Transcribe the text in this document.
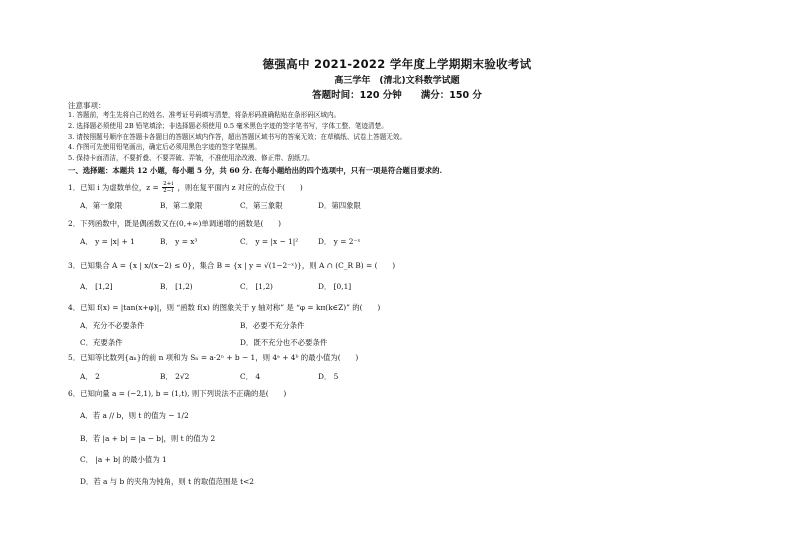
德强高中 2021-2022 学年度上学期期末验收考试
高三学年　(清北)文科数学试题
答题时间：120 分钟　　满分：150 分
注意事项：
1. 答题前，考生先将自己的姓名、准考证号码填写清楚，将条形码准确粘贴在条形码区域内。
2. 选择题必须使用 2B 铅笔填涂；非选择题必须使用 0.5 毫米黑色字迹的签字笔书写，字体工整、笔迹清楚。
3. 请按照题号顺序在答题卡各题目的答题区域内作答，超出答题区域书写的答案无效；在草稿纸、试卷上答题无效。
4. 作图可先使用铅笔画出，确定后必须用黑色字迹的签字笔描黑。
5. 保持卡面清洁，不要折叠、不要弄破、弄皱，不准使用涂改液、修正带、刮纸刀。
一、选择题：本题共 12 小题，每小题 5 分，共 60 分. 在每小题给出的四个选项中，只有一项是符合题目要求的.
1．已知 i 为虚数单位，$z = \frac{2+i}{2-i}$ ，则在复平面内 z 对应的点位于(　　)
A．第一象限	B．第二象限	C．第三象限	D．第四象限
2．下列函数中，既是偶函数又在(0,+∞)单调递增的函数是(　　)
A． y = |x| + 1	B． y = x³	C． y = |x − 1|²	D． y = 2⁻ˣ
3．已知集合 A = {x | x/(x−2) ≤ 0}，集合 B = {x | y = √(1−2⁻ˣ)}，则 A ∩ (C_R B) = (　　)
A． [1,2]	B． [1,2)	C． [1,2)	D． [0,1]
4．已知 f(x) = |tan(x+φ)|，则 “函数 f(x) 的图象关于 y 轴对称” 是 “φ = kπ(k∈Z)” 的(　　)
A．充分不必要条件	B．必要不充分条件
C．充要条件	D．既不充分也不必要条件
5．已知等比数列{aₙ}的前 n 项和为 Sₙ = a·2ⁿ + b − 1，则 4ᵃ + 4ᵇ 的最小值为(　　)
A． 2	B． 2√2	C． 4	D． 5
6．已知向量 a = (−2,1), b = (1,t), 则下列说法不正确的是(　　)
A．若 a // b，则 t 的值为 − 1/2
B．若 |a + b| = |a − b|，则 t 的值为 2
C． |a + b| 的最小值为 1
D．若 a 与 b 的夹角为钝角，则 t 的取值范围是 t<2
